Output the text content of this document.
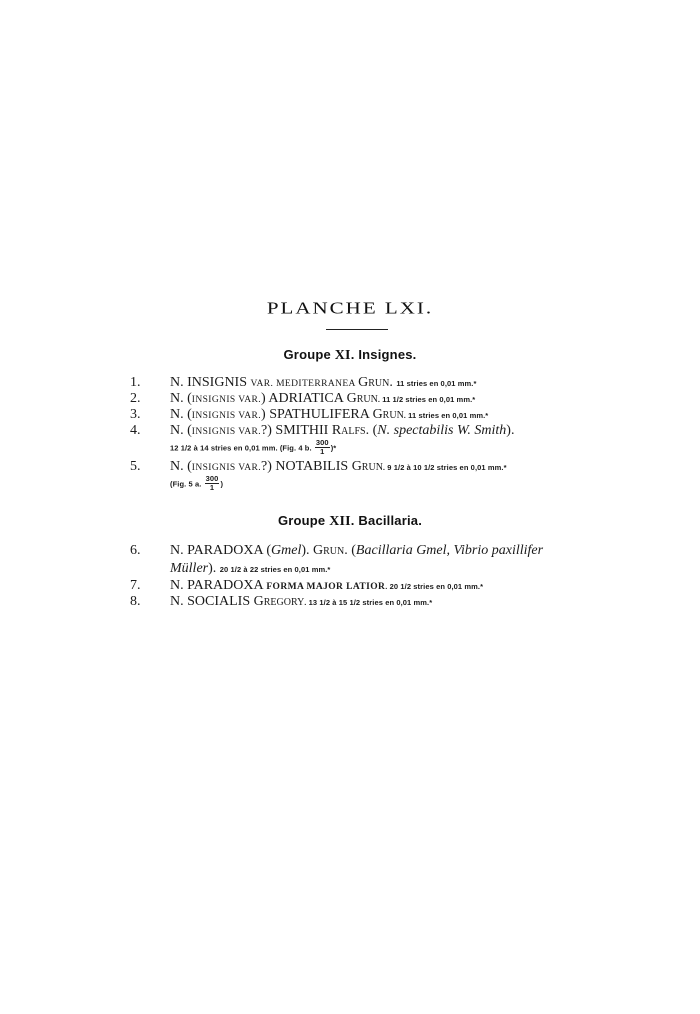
PLANCHE LXI.
Groupe XI. Insignes.
1.	N. INSIGNIS VAR. MEDITERRANEA Grun. 11 stries en 0,01 mm.*
2.	N. (INSIGNIS VAR.) ADRIATICA Grun. 11 1/2 stries en 0,01 mm.*
3.	N. (INSIGNIS VAR.) SPATHULIFERA Grun. 11 stries en 0,01 mm.*
4.	N. (INSIGNIS VAR.?) SMITHII Ralfs. (N. spectabilis W. Smith).
12 1/2 à 14 stries en 0,01 mm. (Fig. 4 b. $\frac{300}{1}$ )*
5.	N. (INSIGNIS VAR.?) NOTABILIS Grun. 9 1/2 à 10 1/2 stries en 0,01 mm.*
(Fig. 5 a. $\frac{300}{1}$ )
Groupe XII. Bacillaria.
6.	N. PARADOXA (Gmel). Grun. (Bacillaria Gmel, Vibrio paxillifer
Müller). 20 1/2 à 22 stries en 0,01 mm.*
7.	N. PARADOXA FORMA MAJOR LATIOR. 20 1/2 stries en 0,01 mm.*
8.	N. SOCIALIS Gregory. 13 1/2 à 15 1/2 stries en 0,01 mm.*
